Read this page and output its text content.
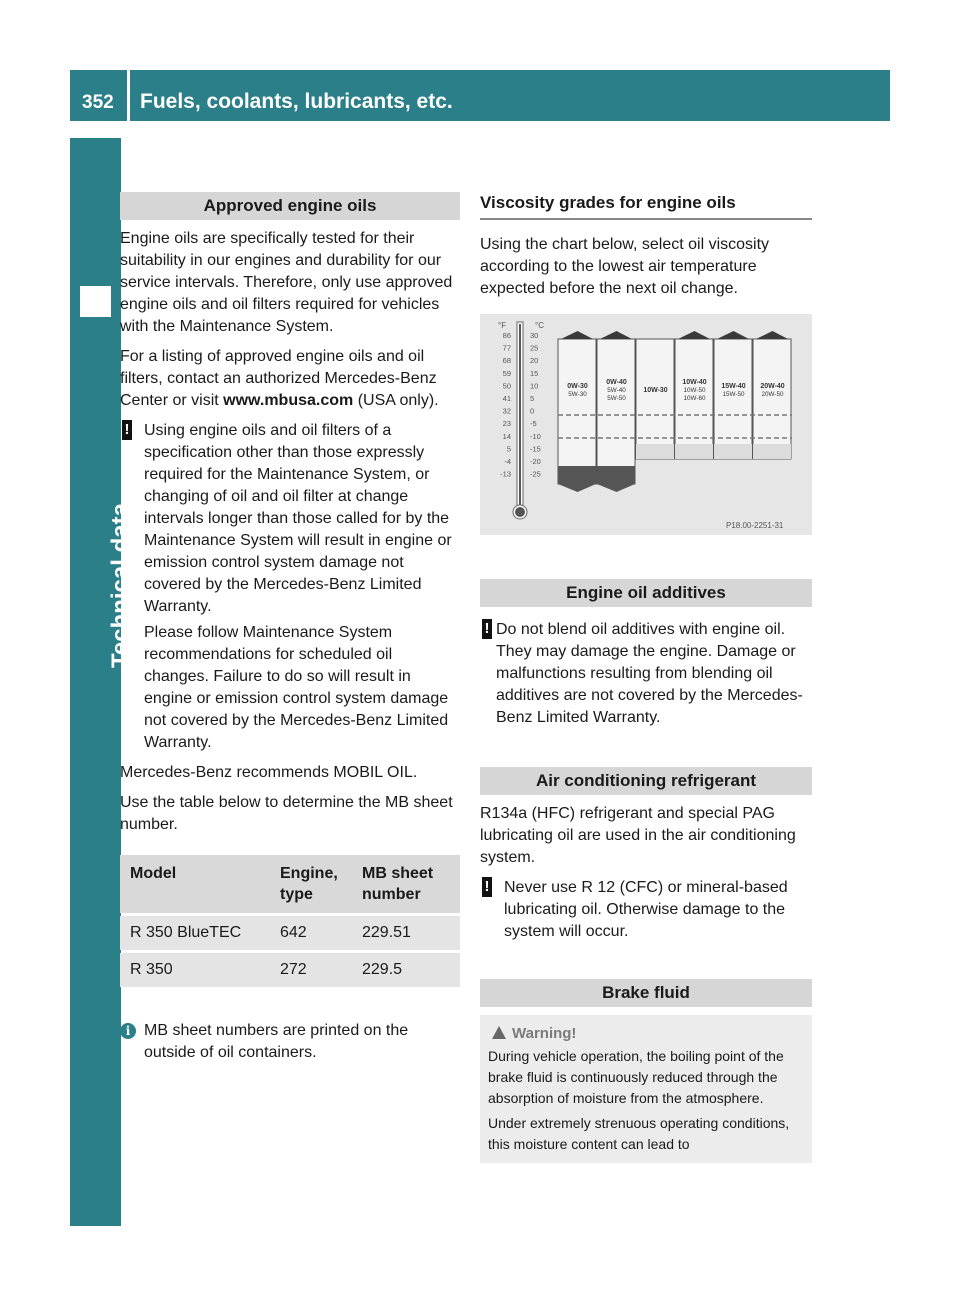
352 Fuels, coolants, lubricants, etc.
Technical data
Approved engine oils

Engine oils are specifically tested for their suitability in our engines and durability for our service intervals. Therefore, only use approved engine oils and oil filters required for vehicles with the Maintenance System.

For a listing of approved engine oils and oil filters, contact an authorized Mercedes-Benz Center or visit www.mbusa.com (USA only).

! Using engine oils and oil filters of a specification other than those expressly required for the Maintenance System, or changing of oil and oil filter at change intervals longer than those called for by the Maintenance System will result in engine or emission control system damage not covered by the Mercedes-Benz Limited Warranty.
Please follow Maintenance System recommendations for scheduled oil changes. Failure to do so will result in engine or emission control system damage not covered by the Mercedes-Benz Limited Warranty.

Mercedes-Benz recommends MOBIL OIL.

Use the table below to determine the MB sheet number.

Model	Engine, type	MB sheet number
R 350 BlueTEC	642	229.51
R 350	272	229.5
i MB sheet numbers are printed on the outside of oil containers.
Viscosity grades for engine oils

Using the chart below, select oil viscosity according to the lowest air temperature expected before the next oil change.

°F	°C
86	30
77	25
68	20
59	15
50	10
41	5
32	0
23	-5
14	-10
5	-15
-4	-20
-13	-25
0W-30
5W-30
0W-40
5W-40
5W-50
10W-30
10W-40
10W-50
10W-60
15W-40
15W-50
20W-40
20W-50
P18.00-2251-31
Engine oil additives
! Do not blend oil additives with engine oil. They may damage the engine. Damage or malfunctions resulting from blending oil additives are not covered by the Mercedes-Benz Limited Warranty.
Air conditioning refrigerant

R134a (HFC) refrigerant and special PAG lubricating oil are used in the air conditioning system.

! Never use R 12 (CFC) or mineral-based lubricating oil. Otherwise damage to the system will occur.
Brake fluid
Warning!

During vehicle operation, the boiling point of the brake fluid is continuously reduced through the absorption of moisture from the atmosphere.

Under extremely strenuous operating conditions, this moisture content can lead to
